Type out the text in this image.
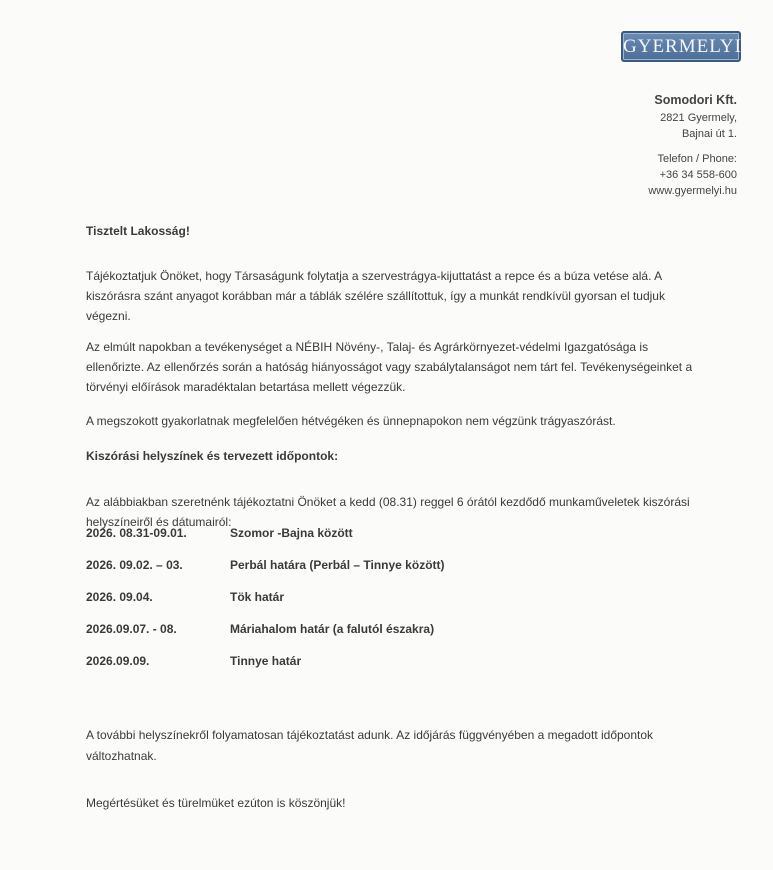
GYERMELYI
Somodori Kft.
2821 Gyermely,
Bajnai út 1.
Telefon / Phone:
+36 34 558-600
www.gyermelyi.hu
Tisztelt Lakosság!

Tájékoztatjuk Önöket, hogy Társaságunk folytatja a szervestrágya-kijuttatást a repce és a búza vetése alá. A kiszórásra szánt anyagot korábban már a táblák szélére szállítottuk, így a munkát rendkívül gyorsan el tudjuk végezni.

Az elmúlt napokban a tevékenységet a NÉBIH Növény-, Talaj- és Agrárkörnyezet-védelmi Igazgatósága is ellenőrizte. Az ellenőrzés során a hatóság hiányosságot vagy szabálytalanságot nem tárt fel. Tevékenységeinket a törvényi előírások maradéktalan betartása mellett végezzük.

A megszokott gyakorlatnak megfelelően hétvégéken és ünnepnapokon nem végzünk trágyaszórást.

Kiszórási helyszínek és tervezett időpontok:

Az alábbiakban szeretnénk tájékoztatni Önöket a kedd (08.31) reggel 6 órától kezdődő munkaműveletek kiszórási helyszíneiről és dátumairól:

2026. 08.31-09.01.	Szomor -Bajna között
2026. 09.02. – 03.	Perbál határa (Perbál – Tinnye között)
2026. 09.04.	Tök határ
2026.09.07. - 08.	Máriahalom határ (a falutól északra)
2026.09.09.	Tinnye határ

A további helyszínekről folyamatosan tájékoztatást adunk. Az időjárás függvényében a megadott időpontok változhatnak.

Megértésüket és türelmüket ezúton is köszönjük!
